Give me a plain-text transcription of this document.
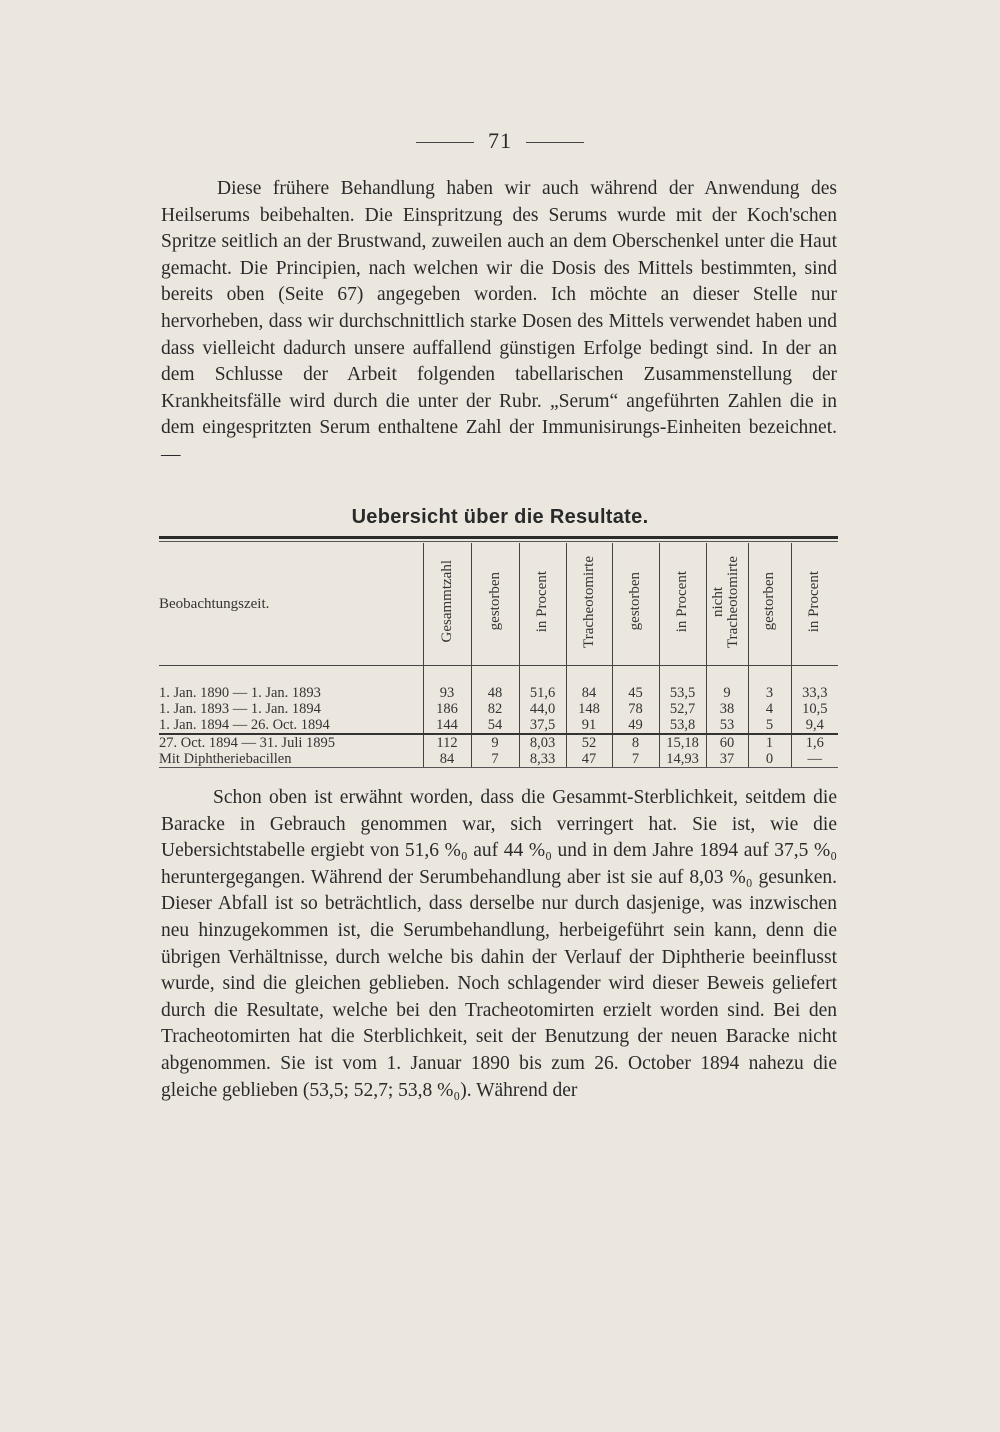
71

Diese frühere Behandlung haben wir auch während der Anwendung des Heilserums beibehalten. Die Einspritzung des Serums wurde mit der Koch'schen Spritze seitlich an der Brustwand, zuweilen auch an dem Oberschenkel unter die Haut gemacht. Die Principien, nach welchen wir die Dosis des Mittels bestimmten, sind bereits oben (Seite 67) angegeben worden. Ich möchte an dieser Stelle nur hervorheben, dass wir durchschnittlich starke Dosen des Mittels verwendet haben und dass vielleicht dadurch unsere auffallend günstigen Erfolge bedingt sind. In der an dem Schlusse der Arbeit folgenden tabellarischen Zusammenstellung der Krankheitsfälle wird durch die unter der Rubr. „Serum“ angeführten Zahlen die in dem eingespritzten Serum enthaltene Zahl der Immunisirungs-Einheiten bezeichnet. —

Uebersicht über die Resultate.
Beobachtungszeit.	Gesammtzahl	gestorben	in Procent	Tracheotomirte	gestorben	in Procent	nicht Tracheotomirte	gestorben	in Procent

1. Jan. 1890 — 1. Jan. 1893	93	48	51,6	84	45	53,5	9	3	33,3
1. Jan. 1893 — 1. Jan. 1894	186	82	44,0	148	78	52,7	38	4	10,5
1. Jan. 1894 — 26. Oct. 1894	144	54	37,5	91	49	53,8	53	5	9,4
27. Oct. 1894 — 31. Juli 1895	112	9	8,03	52	8	15,18	60	1	1,6
Mit Diphtheriebacillen	84	7	8,33	47	7	14,93	37	0	—

Schon oben ist erwähnt worden, dass die Gesammt-Sterblichkeit, seitdem die Baracke in Gebrauch genommen war, sich verringert hat. Sie ist, wie die Uebersichtstabelle ergiebt von 51,6 %₀ auf 44 %₀ und in dem Jahre 1894 auf 37,5 %₀ heruntergegangen. Während der Serumbehandlung aber ist sie auf 8,03 %₀ gesunken. Dieser Abfall ist so beträchtlich, dass derselbe nur durch dasjenige, was inzwischen neu hinzugekommen ist, die Serumbehandlung, herbeigeführt sein kann, denn die übrigen Verhältnisse, durch welche bis dahin der Verlauf der Diphtherie beeinflusst wurde, sind die gleichen geblieben. Noch schlagender wird dieser Beweis geliefert durch die Resultate, welche bei den Tracheotomirten erzielt worden sind. Bei den Tracheotomirten hat die Sterblichkeit, seit der Benutzung der neuen Baracke nicht abgenommen. Sie ist vom 1. Januar 1890 bis zum 26. October 1894 nahezu die gleiche geblieben (53,5; 52,7; 53,8 %₀). Während der
